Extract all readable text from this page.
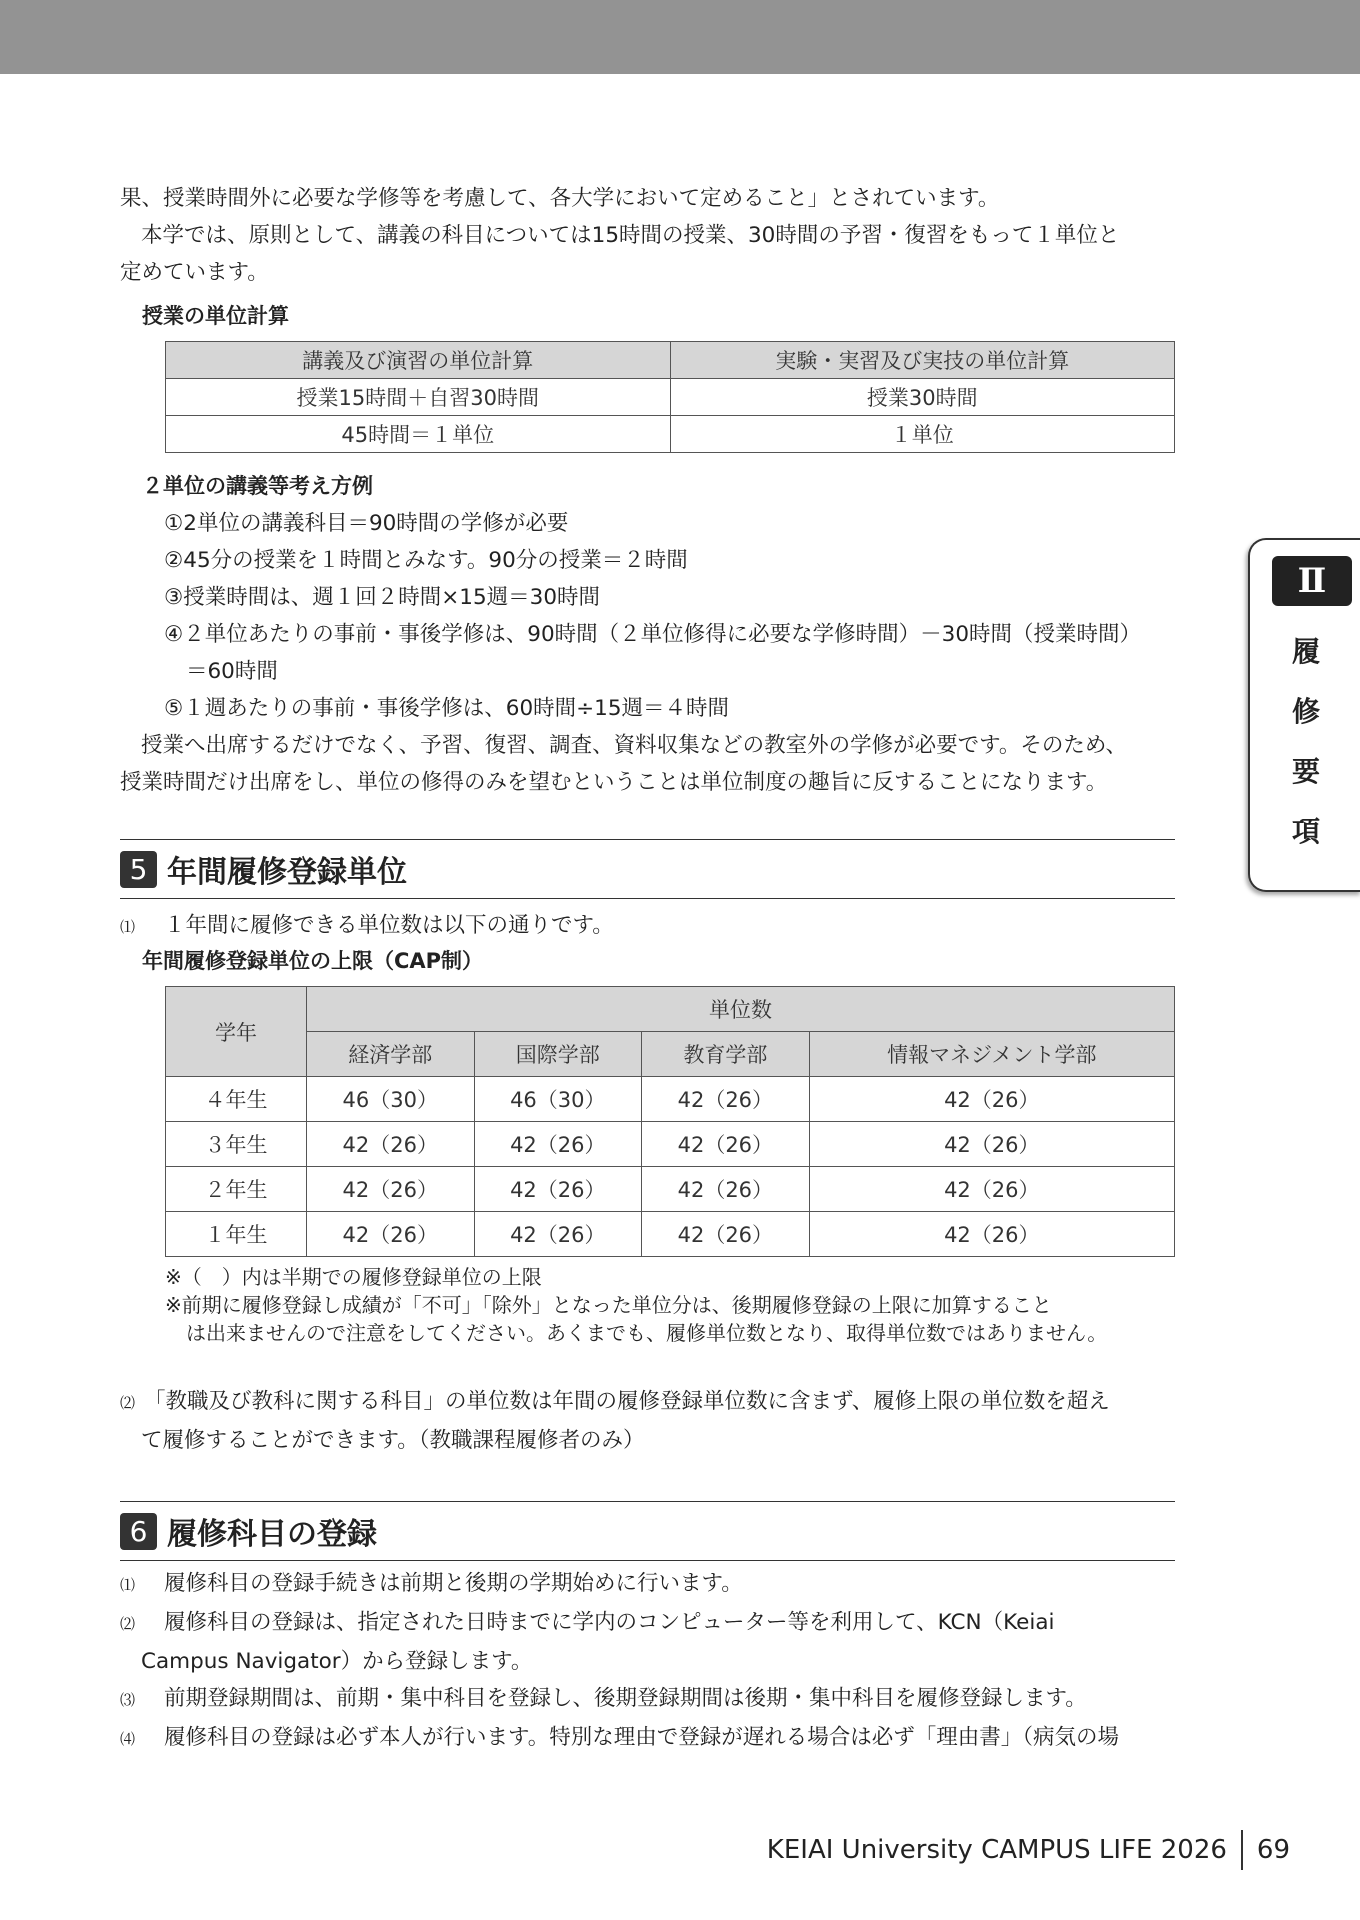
果、授業時間外に必要な学修等を考慮して、各大学において定めること」とされています。

本学では、原則として、講義の科目については15時間の授業、30時間の予習・復習をもって１単位と

定めています。

授業の単位計算
講義及び演習の単位計算	実験・実習及び実技の単位計算
授業15時間＋自習30時間	授業30時間
45時間＝１単位	１単位
２単位の講義等考え方例

①2単位の講義科目＝90時間の学修が必要

②45分の授業を１時間とみなす。90分の授業＝２時間

③授業時間は、週１回２時間×15週＝30時間

④２単位あたりの事前・事後学修は、90時間（２単位修得に必要な学修時間）－30時間（授業時間）

＝60時間

⑤１週あたりの事前・事後学修は、60時間÷15週＝４時間

授業へ出席するだけでなく、予習、復習、調査、資料収集などの教室外の学修が必要です。そのため、

授業時間だけ出席をし、単位の修得のみを望むということは単位制度の趣旨に反することになります。

5 年間履修登録単位

⑴ １年間に履修できる単位数は以下の通りです。

年間履修登録単位の上限（CAP制）
学年	単位数			
	経済学部	国際学部	教育学部	情報マネジメント学部
４年生	46（30）	46（30）	42（26）	42（26）
３年生	42（26）	42（26）	42（26）	42（26）
２年生	42（26）	42（26）	42（26）	42（26）
１年生	42（26）	42（26）	42（26）	42（26）

※（　）内は半期での履修登録単位の上限

※前期に履修登録し成績が「不可」「除外」となった単位分は、後期履修登録の上限に加算すること

は出来ませんので注意をしてください。あくまでも、履修単位数となり、取得単位数ではありません。

⑵ 「教職及び教科に関する科目」の単位数は年間の履修登録単位数に含まず、履修上限の単位数を超え

て履修することができます。（教職課程履修者のみ）

6 履修科目の登録

⑴ 履修科目の登録手続きは前期と後期の学期始めに行います。

⑵ 履修科目の登録は、指定された日時までに学内のコンピューター等を利用して、KCN（Keiai

Campus Navigator）から登録します。

⑶ 前期登録期間は、前期・集中科目を登録し、後期登録期間は後期・集中科目を履修登録します。

⑷ 履修科目の登録は必ず本人が行います。特別な理由で登録が遅れる場合は必ず「理由書」（病気の場

Ⅱ
履
修
要
項
KEIAI University CAMPUS LIFE 2026 69
